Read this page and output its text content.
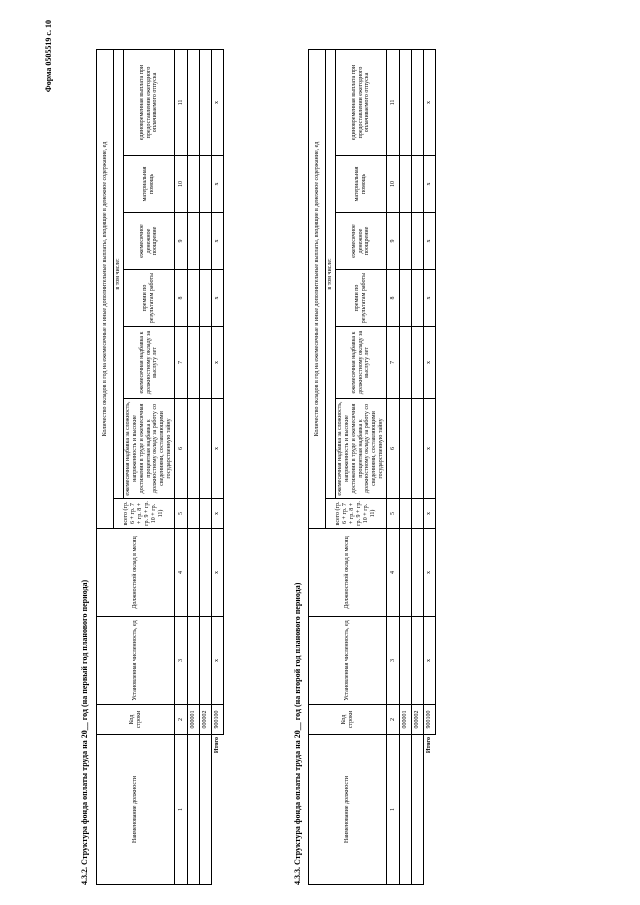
Форма 0505519 с. 10
4.3.2. Структура фонда оплаты труда на 20__ год (на первый год планового периода)	Наименование должности	Код строки	Установленная численность, ед	Должностной оклад в месяц	Количество окладов в год на ежемесячные и иные дополнительные выплаты, входящие в денежное содержание, ед						
				всего (гр. 6 + гр. 7 + гр. 8 + гр. 9 + гр. 10 + гр. 11)	в том числе:					
					ежемесячная надбавка за сложность, напряженность и высокие достижения в труде и ежемесячная процентная надбавка к должностному окладу за работу со сведениями, составляющими государственную тайну	ежемесячная надбавка к должностному окладу за выслугу лет	премии по результатам работы	ежемесячное денежное поощрение	материальная помощь	единовременная выплата при предоставлении ежегодного оплачиваемого отпуска
1	2	3	4	5	6	7	8	9	10	11
	000001									
	000002									
Итого	900100	х	х	х	х	х	х	х	х	х
4.3.3. Структура фонда оплаты труда на 20__ год (на второй год планового периода)	Наименование должности	Код строки	Установленная численность, ед	Должностной оклад в месяц	Количество окладов в год на ежемесячные и иные дополнительные выплаты, входящие в денежное содержание, ед						
				всего (гр. 6 + гр. 7 + гр. 8 + гр. 9 + гр. 10 + гр. 11)	в том числе:					
					ежемесячная надбавка за сложность, напряженность и высокие достижения в труде и ежемесячная процентная надбавка к должностному окладу за работу со сведениями, составляющими государственную тайну	ежемесячная надбавка к должностному окладу за выслугу лет	премии по результатам работы	ежемесячное денежное поощрение	материальная помощь	единовременная выплата при предоставлении ежегодного оплачиваемого отпуска
1	2	3	4	5	6	7	8	9	10	11
	000001									
	000002									
Итого	900100	х	х	х	х	х	х	х	х	х
